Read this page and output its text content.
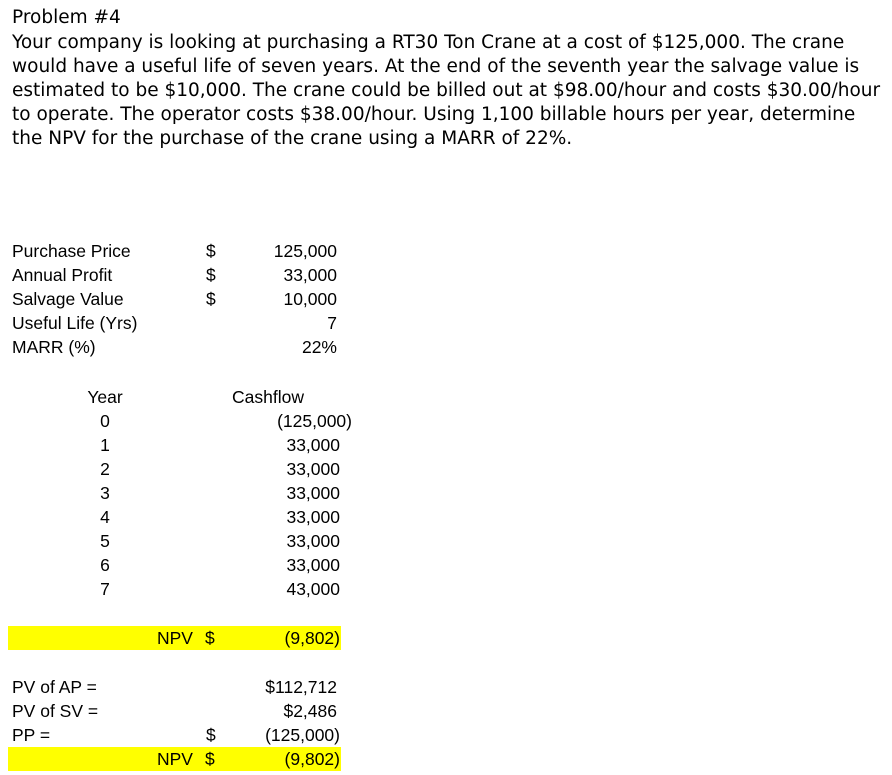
Problem #4
Your company is looking at purchasing a RT30 Ton Crane at a cost of $125,000. The crane would have a useful life of seven years. At the end of the seventh year the salvage value is estimated to be $10,000. The crane could be billed out at $98.00/hour and costs $30.00/hour to operate. The operator costs $38.00/hour. Using 1,100 billable hours per year, determine the NPV for the purchase of the crane using a MARR of 22%.
Purchase Price	$	125,000
Annual Profit	$	33,000
Salvage Value	$	10,000
Useful Life (Yrs)	7
MARR (%)	22%
Year	Cashflow
0	(125,000)
1	33,000
2	33,000
3	33,000
4	33,000
5	33,000
6	33,000
7	43,000
NPV $	(9,802)
PV of AP =	$112,712
PV of SV =	$2,486
PP =	$	(125,000)
NPV $	(9,802)
